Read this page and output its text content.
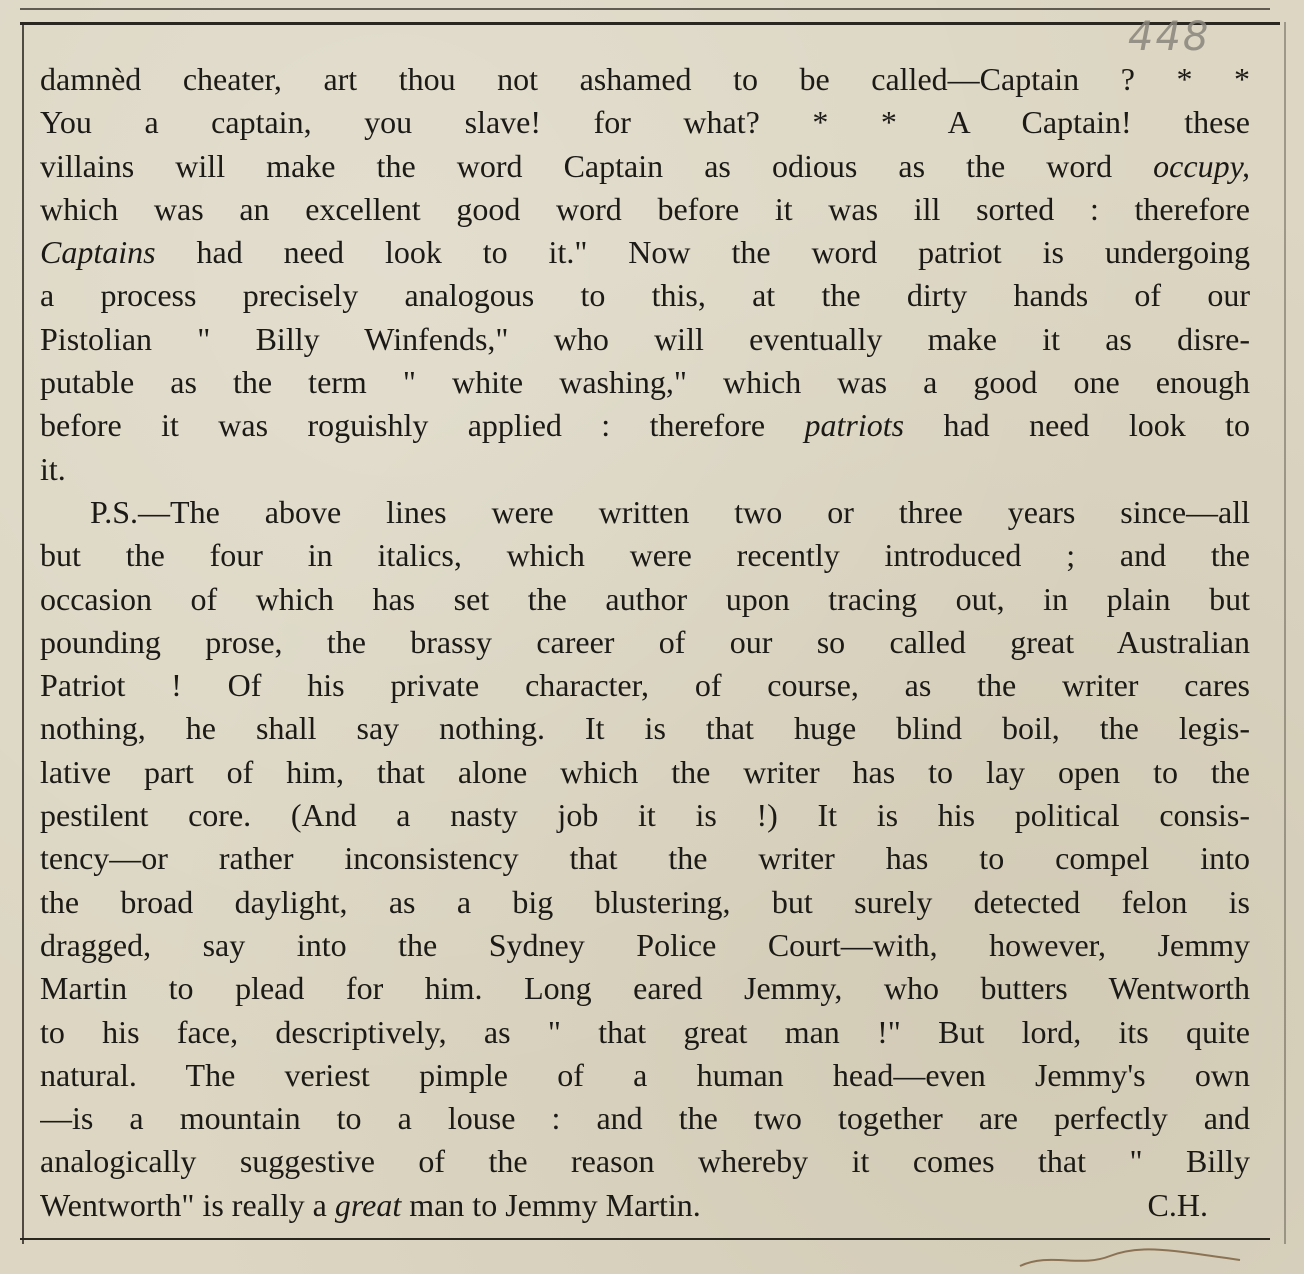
448
damnèd cheater, art thou not ashamed to be called—Captain ? * *
You a captain, you slave! for what? * * A Captain! these
villains will make the word Captain as odious as the word occupy,
which was an excellent good word before it was ill sorted : therefore
Captains had need look to it." Now the word patriot is undergoing
a process precisely analogous to this, at the dirty hands of our
Pistolian " Billy Winfends," who will eventually make it as disre-
putable as the term " white washing," which was a good one enough
before it was roguishly applied : therefore patriots had need look to
it.
P.S.—The above lines were written two or three years since—all
but the four in italics, which were recently introduced ; and the
occasion of which has set the author upon tracing out, in plain but
pounding prose, the brassy career of our so called great Australian
Patriot ! Of his private character, of course, as the writer cares
nothing, he shall say nothing. It is that huge blind boil, the legis-
lative part of him, that alone which the writer has to lay open to the
pestilent core. (And a nasty job it is !) It is his political consis-
tency—or rather inconsistency that the writer has to compel into
the broad daylight, as a big blustering, but surely detected felon is
dragged, say into the Sydney Police Court—with, however, Jemmy
Martin to plead for him. Long eared Jemmy, who butters Wentworth
to his face, descriptively, as " that great man !" But lord, its quite
natural. The veriest pimple of a human head—even Jemmy's own
—is a mountain to a louse : and the two together are perfectly and
analogically suggestive of the reason whereby it comes that " Billy
Wentworth" is really a great man to Jemmy Martin.	C.H.
